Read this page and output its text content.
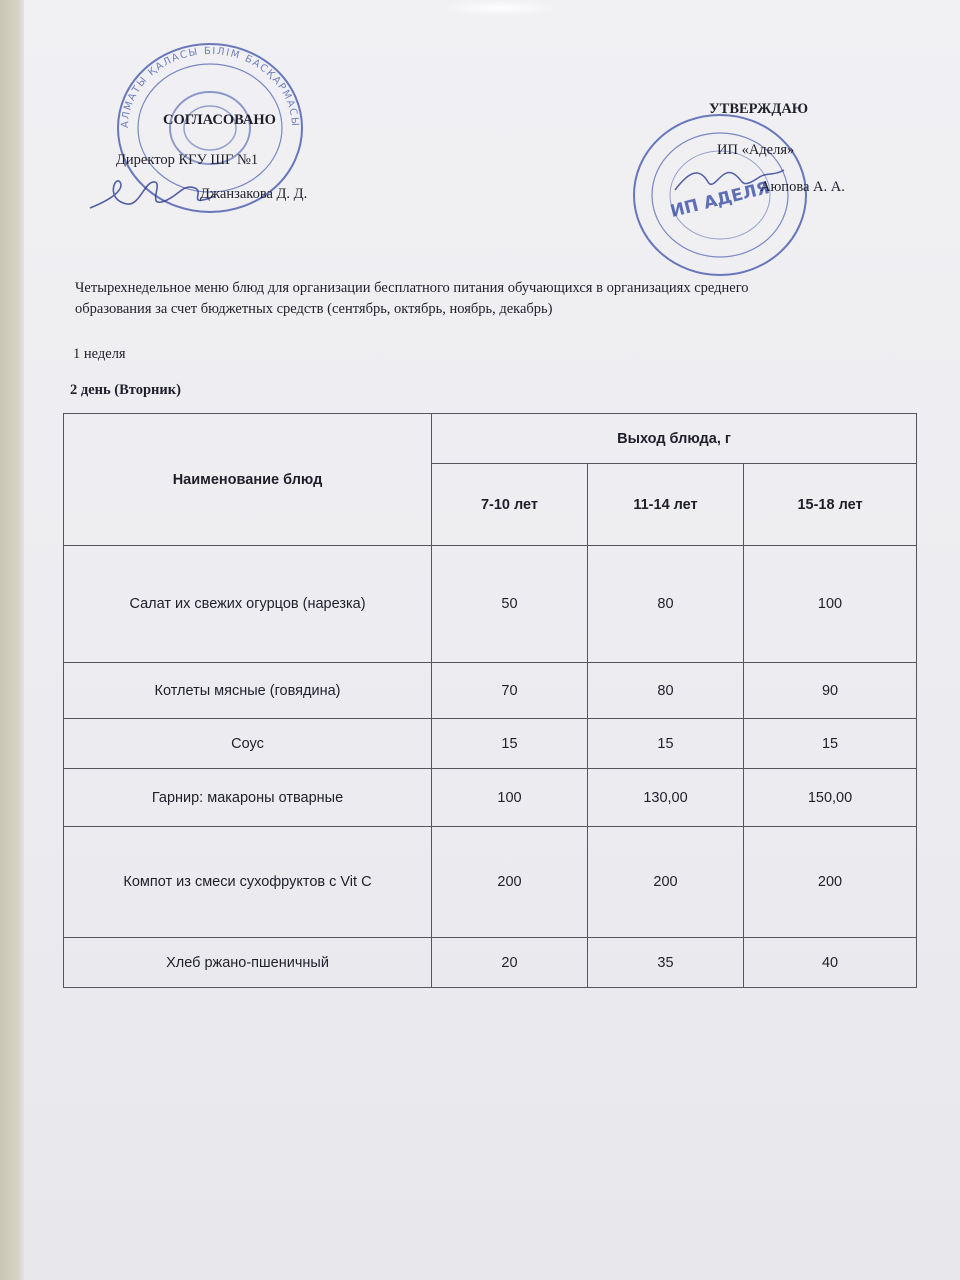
АЛМАТЫ ҚАЛАСЫ БІЛІМ БАСҚАРМАСЫ
ИП АДЕЛЯ
СОГЛАСОВАНО
Директор КГУ ШГ №1
Джанзакова Д. Д.
УТВЕРЖДАЮ
ИП «Аделя»
Аюпова А. А.
Четырехнедельное меню блюд для организации бесплатного питания обучающихся в организациях среднего
образования за счет бюджетных средств (сентябрь, октябрь, ноябрь, декабрь)
1 неделя
2 день (Вторник)
Наименование блюд	Выход блюда, г		
	7-10 лет	11-14 лет	15-18 лет
Салат их свежих огурцов (нарезка)	50	80	100
Котлеты мясные (говядина)	70	80	90
Соус	15	15	15
Гарнир: макароны отварные	100	130,00	150,00
Компот из смеси сухофруктов с Vit C	200	200	200
Хлеб ржано-пшеничный	20	35	40
